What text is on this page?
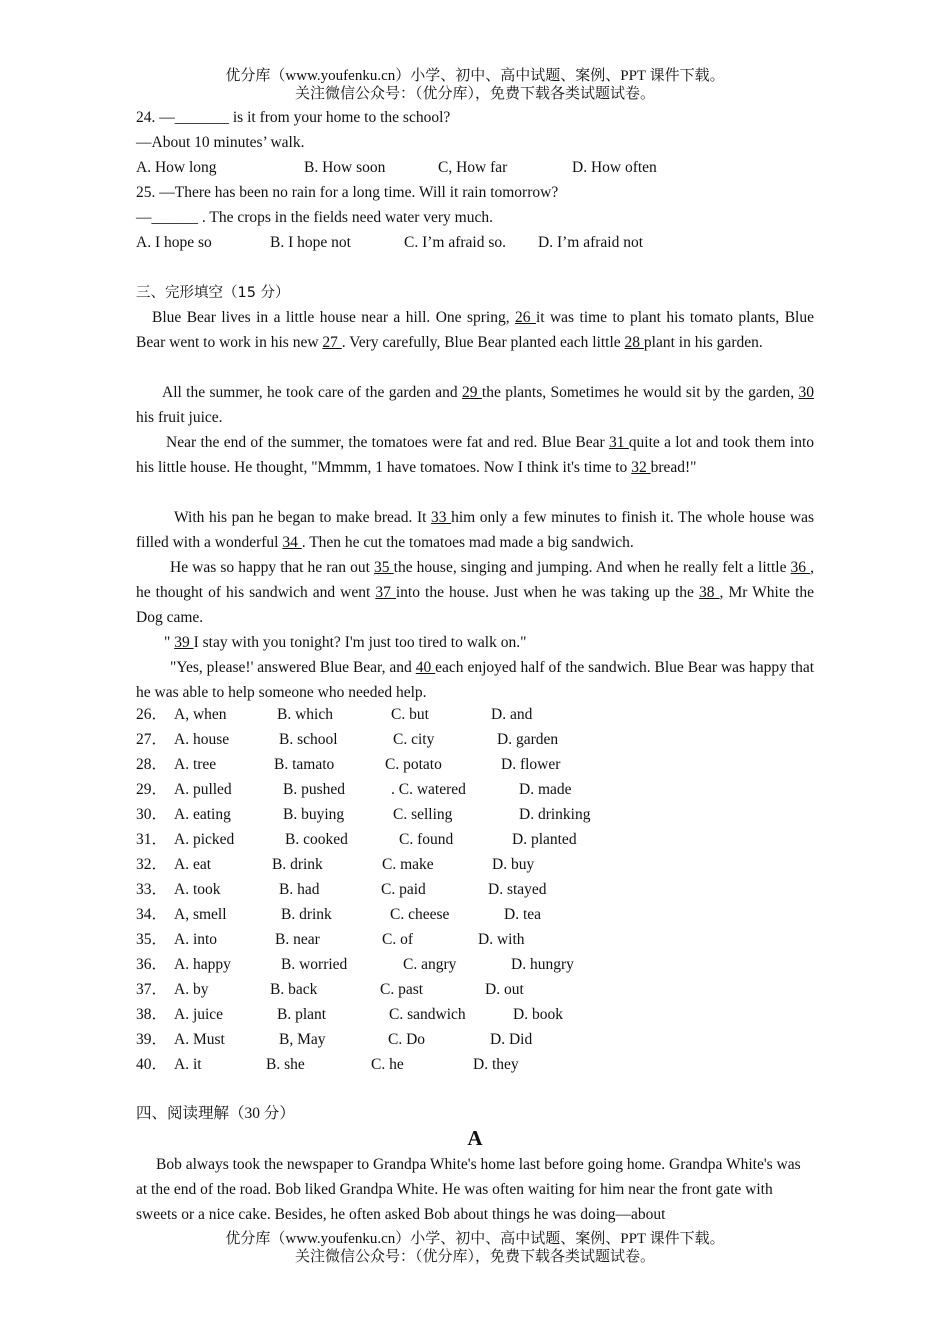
优分库（www.youfenku.cn）小学、初中、高中试题、案例、PPT 课件下载。
关注微信公众号：（优分库），免费下载各类试题试卷。
24. —_______ is it from your home to the school?
—About 10 minutes’ walk.
A. How long	B. How soon	C, How far	D. How often
25. —There has been no rain for a long time. Will it rain tomorrow?
—______ . The crops in the fields need water very much.
A. I hope so	B. I hope not	C. I’m afraid so. D. I’m afraid not
三、完形填空（15 分）
Blue Bear lives in a little house near a hill. One spring, 26 it was time to plant his tomato plants, Blue Bear went to work in his new 27 . Very carefully, Blue Bear planted each little 28 plant in his garden.
All the summer, he took care of the garden and 29 the plants, Sometimes he would sit by the garden, 30 his fruit juice.
Near the end of the summer, the tomatoes were fat and red. Blue Bear 31 quite a lot and took them into his little house. He thought, "Mmmm, 1 have tomatoes. Now I think it's time to 32 bread!"
With his pan he began to make bread. It 33 him only a few minutes to finish it. The whole house was filled with a wonderful 34 . Then he cut the tomatoes mad made a big sandwich.
He was so happy that he ran out 35 the house, singing and jumping. And when he really felt a little 36 , he thought of his sandwich and went 37 into the house. Just when he was taking up the 38 , Mr White the Dog came.
" 39 I stay with you tonight? I'm just too tired to walk on."
"Yes, please!' answered Blue Bear, and 40 each enjoyed half of the sandwich. Blue Bear was happy that he was able to help someone who needed help.
26． A, when	B. which	C. but	D. and
27． A. house	B. school	C. city	D. garden
28． A. tree	B. tamato	C. potato	D. flower
29． A. pulled	B. pushed	. C. watered	D. made
30． A. eating	B. buying	C. selling	D. drinking
31． A. picked	B. cooked	C. found	D. planted
32． A. eat	B. drink	C. make	D. buy
33． A. took	B. had	C. paid	D. stayed
34． A, smell	B. drink	C. cheese	D. tea
35． A. into	B. near	C. of	D. with
36． A. happy	B. worried	C. angry	D. hungry
37． A. by	B. back	C. past	D. out
38． A. juice	B. plant	C. sandwich	D. book
39． A. Must	B, May	C. Do	D. Did
40． A. it	B. she	C. he	D. they
四、阅读理解（30 分）
A
Bob always took the newspaper to Grandpa White's home last before going home. Grandpa White's was at the end of the road. Bob liked Grandpa White. He was often waiting for him near the front gate with sweets or a nice cake. Besides, he often asked Bob about things he was doing—about
优分库（www.youfenku.cn）小学、初中、高中试题、案例、PPT 课件下载。
关注微信公众号：（优分库），免费下载各类试题试卷。
